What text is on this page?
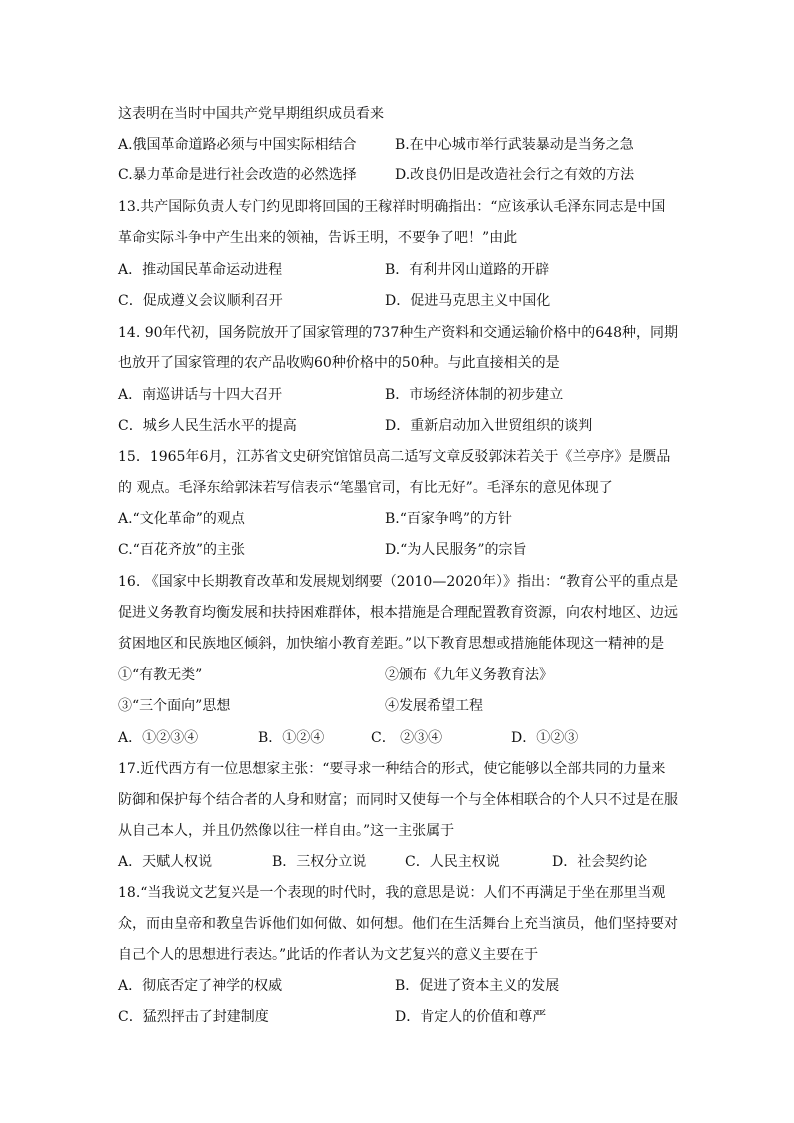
这表明在当时中国共产党早期组织成员看来
A.俄国革命道路必须与中国实际相结合	B.在中心城市举行武装暴动是当务之急
C.暴力革命是进行社会改造的必然选择	D.改良仍旧是改造社会行之有效的方法
13.共产国际负责人专门约见即将回国的王稼祥时明确指出：“应该承认毛泽东同志是中国
革命实际斗争中产生出来的领袖，告诉王明，不要争了吧！”由此
A．推动国民革命运动进程	B．有利井冈山道路的开辟
C．促成遵义会议顺利召开	D．促进马克思主义中国化
14. 90年代初，国务院放开了国家管理的737种生产资料和交通运输价格中的648种，同期
也放开了国家管理的农产品收购60种价格中的50种。与此直接相关的是
A．南巡讲话与十四大召开	B．市场经济体制的初步建立
C．城乡人民生活水平的提高	D．重新启动加入世贸组织的谈判
15．1965年6月，江苏省文史研究馆馆员高二适写文章反驳郭沫若关于《兰亭序》是赝品
的 观点。毛泽东给郭沫若写信表示“笔墨官司，有比无好”。毛泽东的意见体现了
A.“文化革命”的观点	B.“百家争鸣”的方针
C.“百花齐放”的主张	D.“为人民服务”的宗旨
16. 《国家中长期教育改革和发展规划纲要（2010—2020年）》指出：“教育公平的重点是
促进义务教育均衡发展和扶持困难群体，根本措施是合理配置教育资源，向农村地区、边远
贫困地区和民族地区倾斜，加快缩小教育差距。”以下教育思想或措施能体现这一精神的是
①“有教无类”	②颁布《九年义务教育法》
③“三个面向”思想	④发展希望工程
A．①②③④	B．①②④	C． ②③④	D．①②③
17.近代西方有一位思想家主张：“要寻求一种结合的形式，使它能够以全部共同的力量来
防御和保护每个结合者的人身和财富；而同时又使每一个与全体相联合的个人只不过是在服
从自己本人，并且仍然像以往一样自由。”这一主张属于
A．天赋人权说	B．三权分立说	C．人民主权说	D．社会契约论
18.“当我说文艺复兴是一个表现的时代时，我的意思是说：人们不再满足于坐在那里当观
众，而由皇帝和教皇告诉他们如何做、如何想。他们在生活舞台上充当演员，他们坚持要对
自己个人的思想进行表达。”此话的作者认为文艺复兴的意义主要在于
A．彻底否定了神学的权威	B．促进了资本主义的发展
C．猛烈抨击了封建制度	D．肯定人的价值和尊严
